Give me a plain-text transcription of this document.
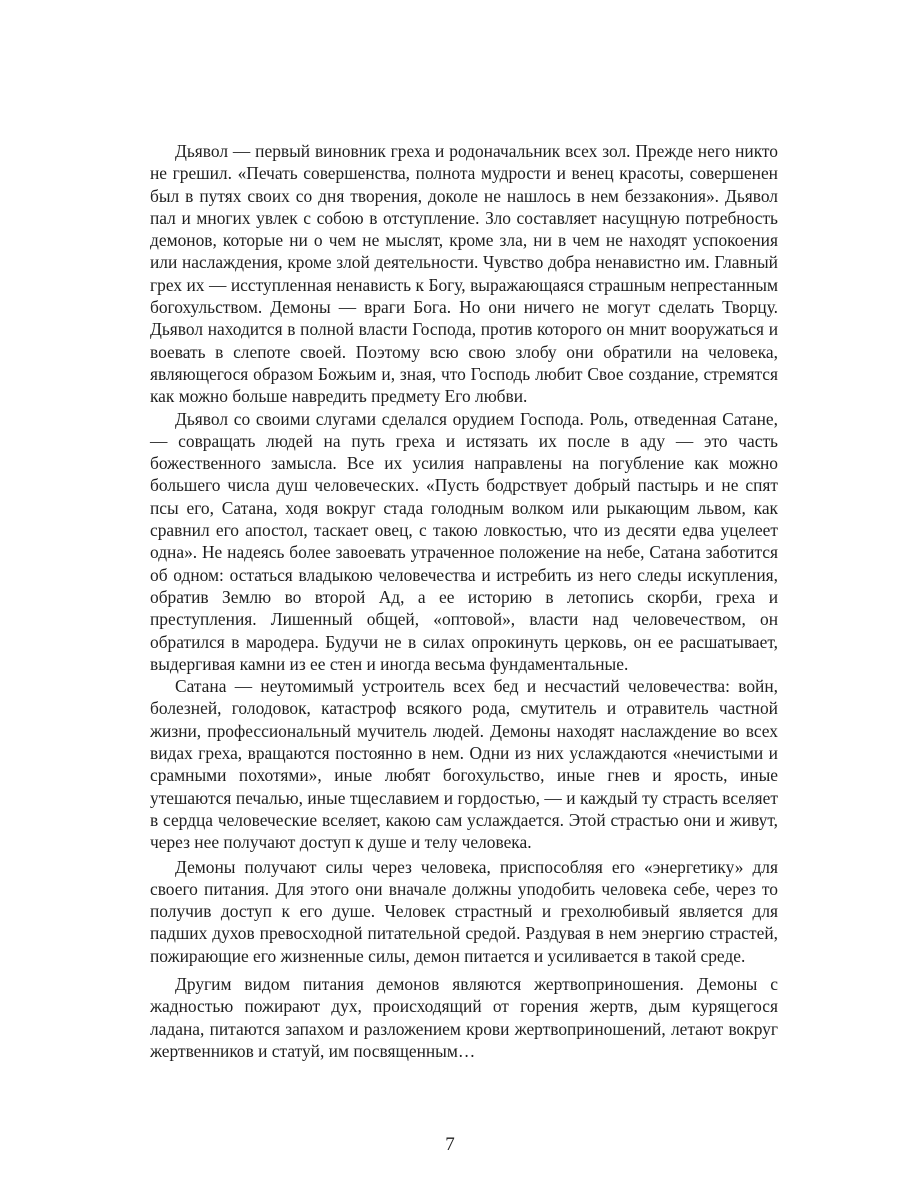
Дьявол — первый виновник греха и родоначальник всех зол. Прежде него никто не грешил. «Печать совершенства, полнота мудрости и венец красоты, совершенен был в путях своих со дня творения, доколе не нашлось в нем беззакония». Дьявол пал и многих увлек с собою в отступление. Зло составляет насущную потребность демонов, которые ни о чем не мыслят, кроме зла, ни в чем не находят успокоения или наслаждения, кроме злой деятельности. Чувство добра ненавистно им. Главный грех их — исступленная ненависть к Богу, выражающаяся страшным непрестанным богохульством. Демоны — враги Бога. Но они ничего не могут сделать Творцу. Дьявол находится в полной власти Господа, против которого он мнит вооружаться и воевать в слепоте своей. Поэтому всю свою злобу они обратили на человека, являющегося образом Божьим и, зная, что Господь любит Свое создание, стремятся как можно больше навредить предмету Его любви.

Дьявол со своими слугами сделался орудием Господа. Роль, отведенная Сатане, — совращать людей на путь греха и истязать их после в аду — это часть божественного замысла. Все их усилия направлены на погубление как можно большего числа душ человеческих. «Пусть бодрствует добрый пастырь и не спят псы его, Сатана, ходя вокруг стада голодным волком или рыкающим львом, как сравнил его апостол, таскает овец, с такою ловкостью, что из десяти едва уцелеет одна». Не надеясь более завоевать утраченное положение на небе, Сатана заботится об одном: остаться владыкою человечества и истребить из него следы искупления, обратив Землю во второй Ад, а ее историю в летопись скорби, греха и преступления. Лишенный общей, «оптовой», власти над человечеством, он обратился в мародера. Будучи не в силах опрокинуть церковь, он ее расшатывает, выдергивая камни из ее стен и иногда весьма фундаментальные.

Сатана — неутомимый устроитель всех бед и несчастий человечества: войн, болезней, голодовок, катастроф всякого рода, смутитель и отравитель частной жизни, профессиональный мучитель людей. Демоны находят наслаждение во всех видах греха, вращаются постоянно в нем. Одни из них услаждаются «нечистыми и срамными похотями», иные любят богохульство, иные гнев и ярость, иные утешаются печалью, иные тщеславием и гордостью, — и каждый ту страсть вселяет в сердца человеческие вселяет, какою сам услаждается. Этой страстью они и живут, через нее получают доступ к душе и телу человека.

Демоны получают силы через человека, приспособляя его «энергетику» для своего питания. Для этого они вначале должны уподобить человека себе, через то получив доступ к его душе. Человек страстный и грехолюбивый является для падших духов превосходной питательной средой. Раздувая в нем энергию страстей, пожирающие его жизненные силы, демон питается и усиливается в такой среде.

Другим видом питания демонов являются жертвоприношения. Демоны с жадностью пожирают дух, происходящий от горения жертв, дым курящегося ладана, питаются запахом и разложением крови жертвоприношений, летают вокруг жертвенников и статуй, им посвященным…

7
